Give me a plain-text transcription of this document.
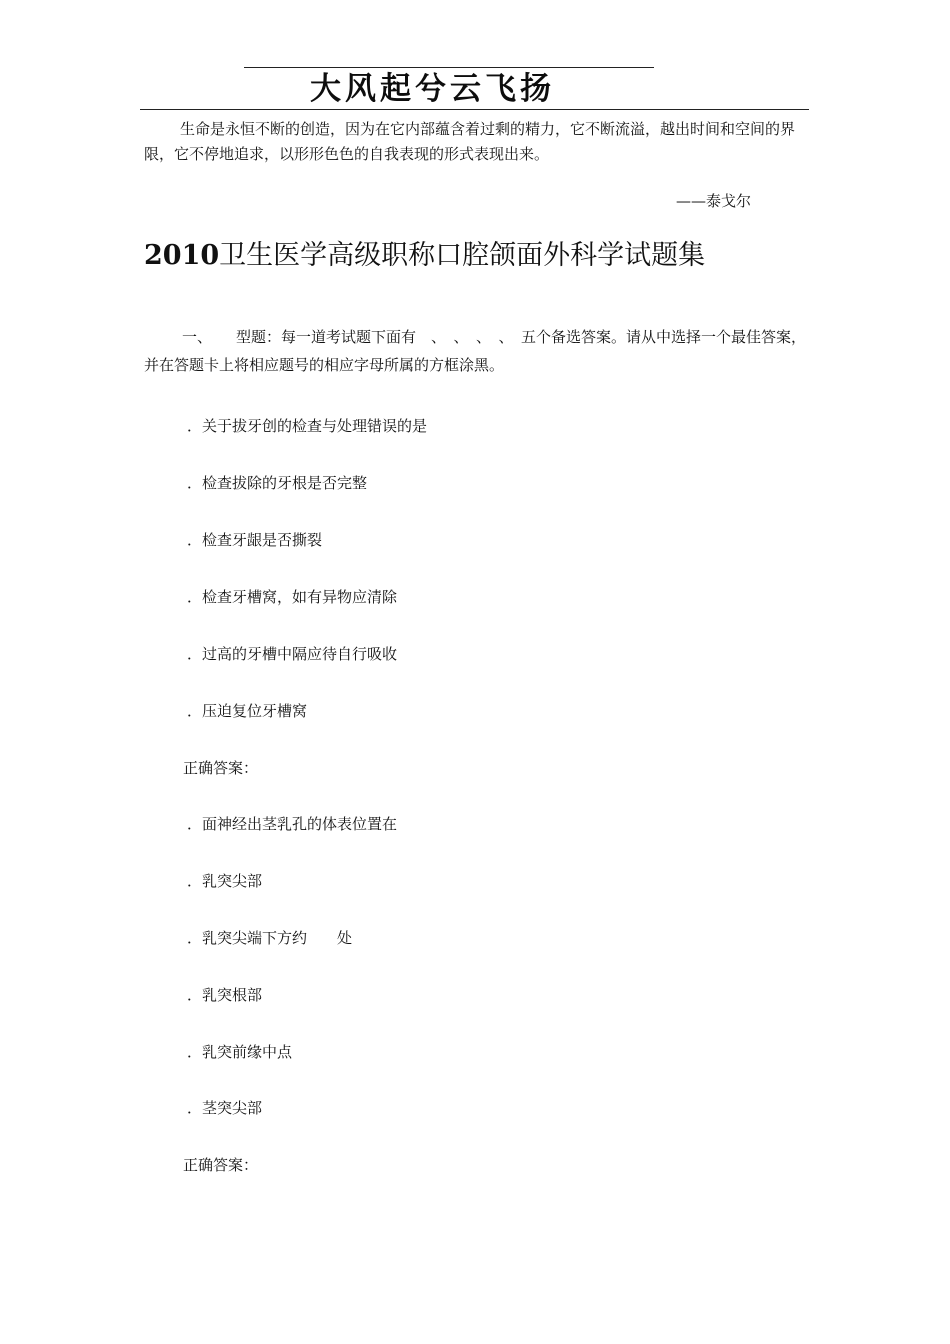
大风起兮云飞扬

生命是永恒不断的创造，因为在它内部蕴含着过剩的精力，它不断流溢，越出时间和空间的界限，它不停地追求，以形形色色的自我表现的形式表现出来。

——泰戈尔
2010卫生医学高级职称口腔颌面外科学试题集

一、 型题：每一道考试题下面有　、　、　、　、　五个备选答案。请从中选择一个最佳答案，并在答题卡上将相应题号的相应字母所属的方框涂黑。

．关于拔牙创的检查与处理错误的是
．检查拔除的牙根是否完整
．检查牙龈是否撕裂
．检查牙槽窝，如有异物应清除
．过高的牙槽中隔应待自行吸收
．压迫复位牙槽窝
正确答案：
．面神经出茎乳孔的体表位置在
．乳突尖部
．乳突尖端下方约　　处
．乳突根部
．乳突前缘中点
．茎突尖部
正确答案：
